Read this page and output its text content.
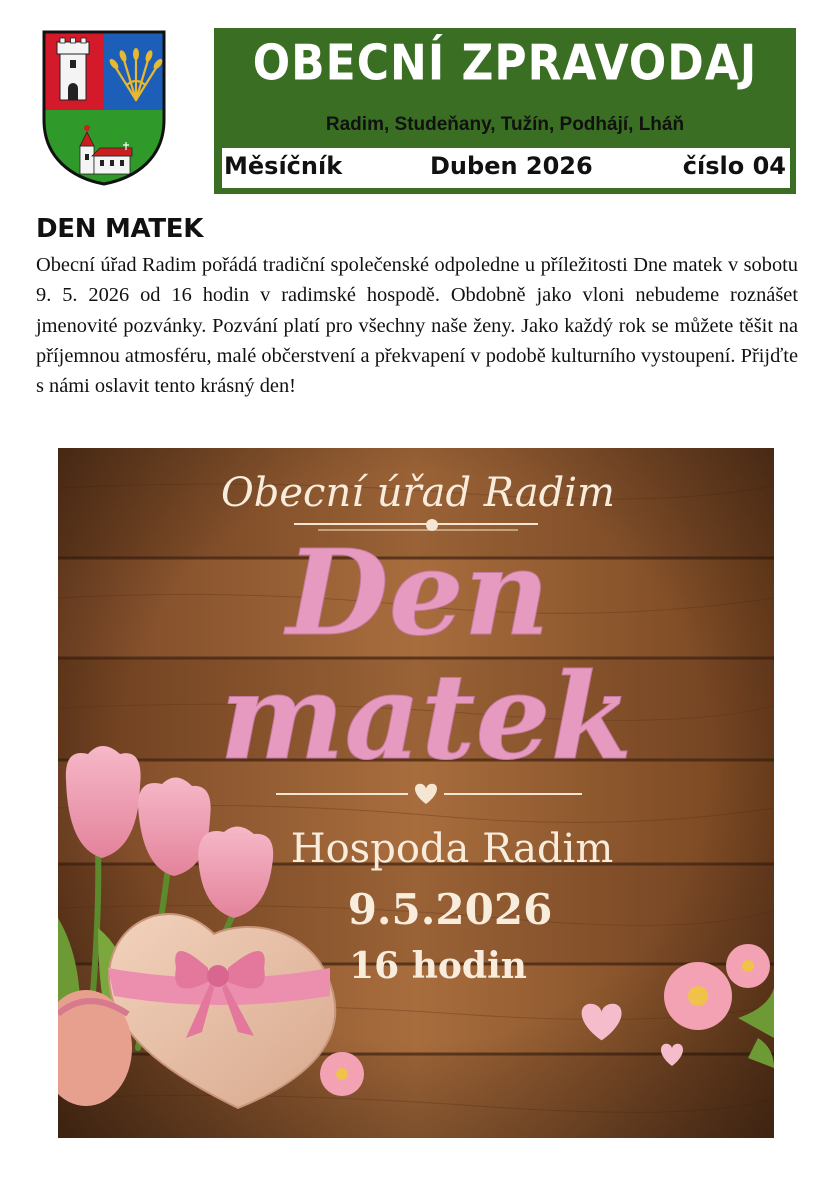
OBECNÍ ZPRAVODAJ
Radim, Studeňany, Tužín, Podhájí, Lháň
Měsíčník	Duben 2026	číslo 04
DEN MATEK
Obecní úřad Radim pořádá tradiční společenské odpoledne u příležitosti Dne matek v sobotu 9. 5. 2026 od 16 hodin v radimské hospodě. Obdobně jako vloni nebudeme roznášet jmenovité pozvánky. Pozvání platí pro všechny naše ženy. Jako každý rok se můžete těšit na příjemnou atmosféru, malé občerstvení a překvapení v podobě kulturního vystoupení. Přijďte s námi oslavit tento krásný den!
Obecní úřad Radim
Den
matek
Hospoda Radim
9.5.2026
16 hodin
